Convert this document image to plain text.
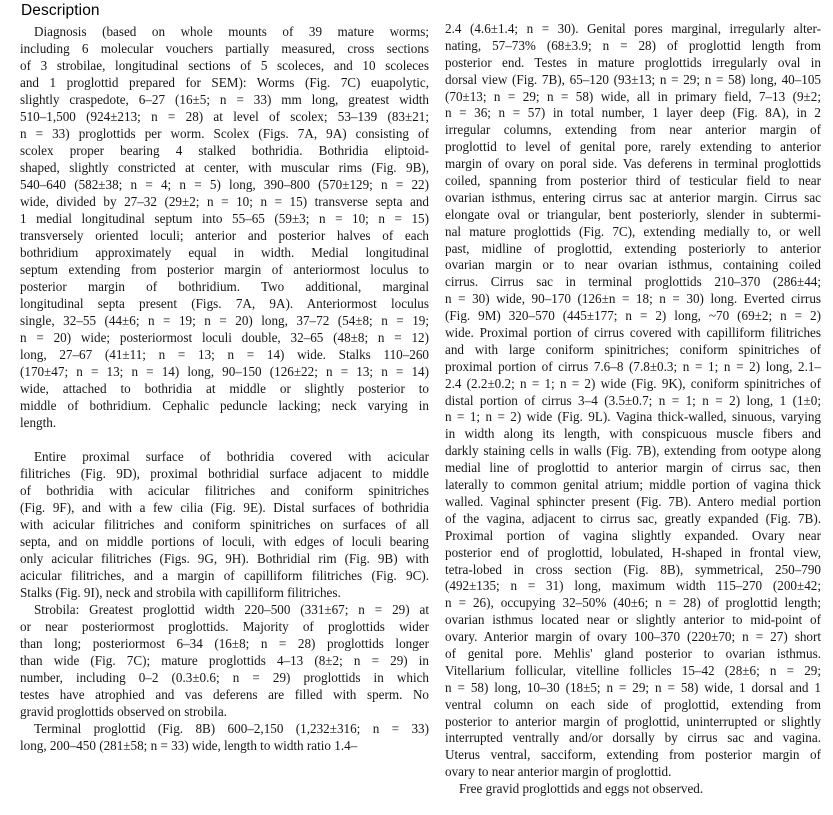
Description
Diagnosis (based on whole mounts of 39 mature worms;
including 6 molecular vouchers partially measured, cross sections
of 3 strobilae, longitudinal sections of 5 scoleces, and 10 scoleces
and 1 proglottid prepared for SEM): Worms (Fig. 7C) euapolytic,
slightly craspedote, 6–27 (16±5; n = 33) mm long, greatest width
510–1,500 (924±213; n = 28) at level of scolex; 53–139 (83±21;
n = 33) proglottids per worm. Scolex (Figs. 7A, 9A) consisting of
scolex proper bearing 4 stalked bothridia. Bothridia eliptoid-
shaped, slightly constricted at center, with muscular rims (Fig. 9B),
540–640 (582±38; n = 4; n = 5) long, 390–800 (570±129; n = 22)
wide, divided by 27–32 (29±2; n = 10; n = 15) transverse septa and
1 medial longitudinal septum into 55–65 (59±3; n = 10; n = 15)
transversely oriented loculi; anterior and posterior halves of each
bothridium approximately equal in width. Medial longitudinal
septum extending from posterior margin of anteriormost loculus to
posterior margin of bothridium. Two additional, marginal
longitudinal septa present (Figs. 7A, 9A). Anteriormost loculus
single, 32–55 (44±6; n = 19; n = 20) long, 37–72 (54±8; n = 19;
n = 20) wide; posteriormost loculi double, 32–65 (48±8; n = 12)
long, 27–67 (41±11; n = 13; n = 14) wide. Stalks 110–260
(170±47; n = 13; n = 14) long, 90–150 (126±22; n = 13; n = 14)
wide, attached to bothridia at middle or slightly posterior to
middle of bothridium. Cephalic peduncle lacking; neck varying in
length.
Entire proximal surface of bothridia covered with acicular
filitriches (Fig. 9D), proximal bothridial surface adjacent to middle
of bothridia with acicular filitriches and coniform spinitriches
(Fig. 9F), and with a few cilia (Fig. 9E). Distal surfaces of bothridia
with acicular filitriches and coniform spinitriches on surfaces of all
septa, and on middle portions of loculi, with edges of loculi bearing
only acicular filitriches (Figs. 9G, 9H). Bothridial rim (Fig. 9B) with
acicular filitriches, and a margin of capilliform filitriches (Fig. 9C).
Stalks (Fig. 9I), neck and strobila with capilliform filitriches.
Strobila: Greatest proglottid width 220–500 (331±67; n = 29) at
or near posteriormost proglottids. Majority of proglottids wider
than long; posteriormost 6–34 (16±8; n = 28) proglottids longer
than wide (Fig. 7C); mature proglottids 4–13 (8±2; n = 29) in
number, including 0–2 (0.3±0.6; n = 29) proglottids in which
testes have atrophied and vas deferens are filled with sperm. No
gravid proglottids observed on strobila.
Terminal proglottid (Fig. 8B) 600–2,150 (1,232±316; n = 33)
long, 200–450 (281±58; n = 33) wide, length to width ratio 1.4–
2.4 (4.6±1.4; n = 30). Genital pores marginal, irregularly alter-
nating, 57–73% (68±3.9; n = 28) of proglottid length from
posterior end. Testes in mature proglottids irregularly oval in
dorsal view (Fig. 7B), 65–120 (93±13; n = 29; n = 58) long, 40–105
(70±13; n = 29; n = 58) wide, all in primary field, 7–13 (9±2;
n = 36; n = 57) in total number, 1 layer deep (Fig. 8A), in 2
irregular columns, extending from near anterior margin of
proglottid to level of genital pore, rarely extending to anterior
margin of ovary on poral side. Vas deferens in terminal proglottids
coiled, spanning from posterior third of testicular field to near
ovarian isthmus, entering cirrus sac at anterior margin. Cirrus sac
elongate oval or triangular, bent posteriorly, slender in subtermi-
nal mature proglottids (Fig. 7C), extending medially to, or well
past, midline of proglottid, extending posteriorly to anterior
ovarian margin or to near ovarian isthmus, containing coiled
cirrus. Cirrus sac in terminal proglottids 210–370 (286±44;
n = 30) wide, 90–170 (126±n = 18; n = 30) long. Everted cirrus
(Fig. 9M) 320–570 (445±177; n = 2) long, ~70 (69±2; n = 2)
wide. Proximal portion of cirrus covered with capilliform filitriches
and with large coniform spinitriches; coniform spinitriches of
proximal portion of cirrus 7.6–8 (7.8±0.3; n = 1; n = 2) long, 2.1–
2.4 (2.2±0.2; n = 1; n = 2) wide (Fig. 9K), coniform spinitriches of
distal portion of cirrus 3–4 (3.5±0.7; n = 1; n = 2) long, 1 (1±0;
n = 1; n = 2) wide (Fig. 9L). Vagina thick-walled, sinuous, varying
in width along its length, with conspicuous muscle fibers and
darkly staining cells in walls (Fig. 7B), extending from ootype along
medial line of proglottid to anterior margin of cirrus sac, then
laterally to common genital atrium; middle portion of vagina thick
walled. Vaginal sphincter present (Fig. 7B). Antero medial portion
of the vagina, adjacent to cirrus sac, greatly expanded (Fig. 7B).
Proximal portion of vagina slightly expanded. Ovary near
posterior end of proglottid, lobulated, H-shaped in frontal view,
tetra-lobed in cross section (Fig. 8B), symmetrical, 250–790
(492±135; n = 31) long, maximum width 115–270 (200±42;
n = 26), occupying 32–50% (40±6; n = 28) of proglottid length;
ovarian isthmus located near or slightly anterior to mid-point of
ovary. Anterior margin of ovary 100–370 (220±70; n = 27) short
of genital pore. Mehlis' gland posterior to ovarian isthmus.
Vitellarium follicular, vitelline follicles 15–42 (28±6; n = 29;
n = 58) long, 10–30 (18±5; n = 29; n = 58) wide, 1 dorsal and 1
ventral column on each side of proglottid, extending from
posterior to anterior margin of proglottid, uninterrupted or slightly
interrupted ventrally and/or dorsally by cirrus sac and vagina.
Uterus ventral, sacciform, extending from posterior margin of
ovary to near anterior margin of proglottid.
Free gravid proglottids and eggs not observed.
